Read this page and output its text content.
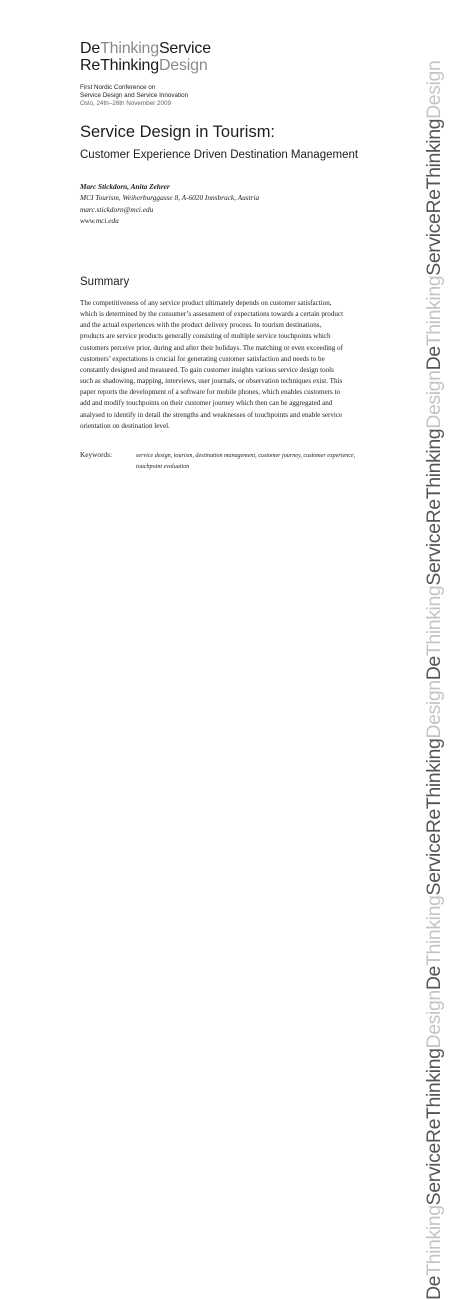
DeThinkingService
ReThinkingDesign
First Nordic Conference on
Service Design and Service Innovation
Oslo, 24th–26th November 2009
Service Design in Tourism:
Customer Experience Driven Destination Management
Marc Stickdorn, Anita Zehrer
MCI Tourism, Weiherburggasse 8, A-6020 Innsbruck, Austria
marc.stickdorn@mci.edu
www.mci.edu
Summary
The competitiveness of any service product ultimately depends on customer satisfaction,
which is determined by the consumer’s assessment of expectations towards a certain product
and the actual experiences with the product delivery process. In tourism destinations,
products are service products generally consisting of multiple service touchpoints which
customers perceive prior, during and after their holidays. The matching or even exceeding of
customers’ expectations is crucial for generating customer satisfaction and needs to be
constantly designed and measured. To gain customer insights various service design tools
such as shadowing, mapping, interviews, user journals, or observation techniques exist. This
paper reports the development of a software for mobile phones, which enables customers to
add and modify touchpoints on their customer journey which then can be aggregated and
analysed to identify in detail the strengths and weaknesses of touchpoints and enable service
orientation on destination level.
Keywords:	service design, tourism, destination management, customer journey, customer experience,
touchpoint evaluation
DeThinkingServiceReThinkingDesignDeThinkingServiceReThinkingDesignDeThinkingServiceReThinkingDesignDeThinkingServiceReThinkingDesign
